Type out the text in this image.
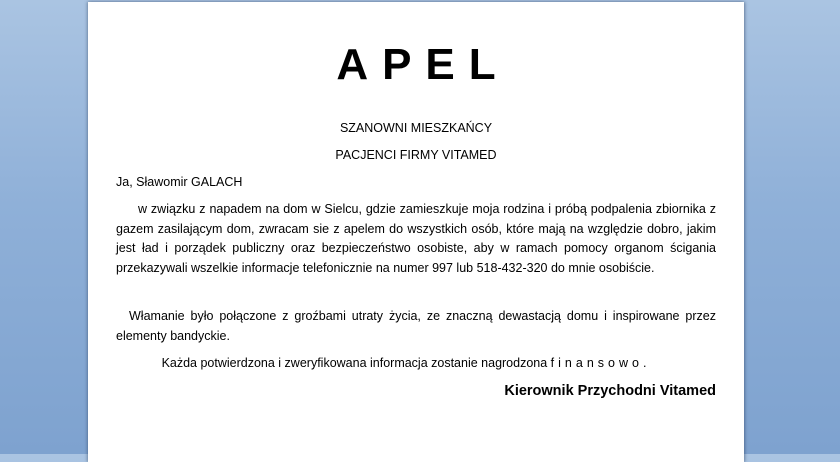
APEL
SZANOWNI MIESZKAŃCY
PACJENCI FIRMY VITAMED
Ja, Sławomir GALACH
w związku z napadem na dom w Sielcu, gdzie zamieszkuje moja rodzina i próbą podpalenia zbiornika z gazem zasilającym dom, zwracam sie z apelem do wszystkich osób, które mają na względzie dobro, jakim jest ład i porządek publiczny oraz bezpieczeństwo osobiste, aby w ramach pomocy organom ścigania przekazywali wszelkie informacje telefonicznie na numer 997 lub 518-432-320 do mnie osobiście.
Włamanie było połączone z groźbami utraty życia, ze znaczną dewastacją domu i inspirowane przez elementy bandyckie.
Każda potwierdzona i zweryfikowana informacja zostanie nagrodzona finansowo.
Kierownik Przychodni Vitamed
